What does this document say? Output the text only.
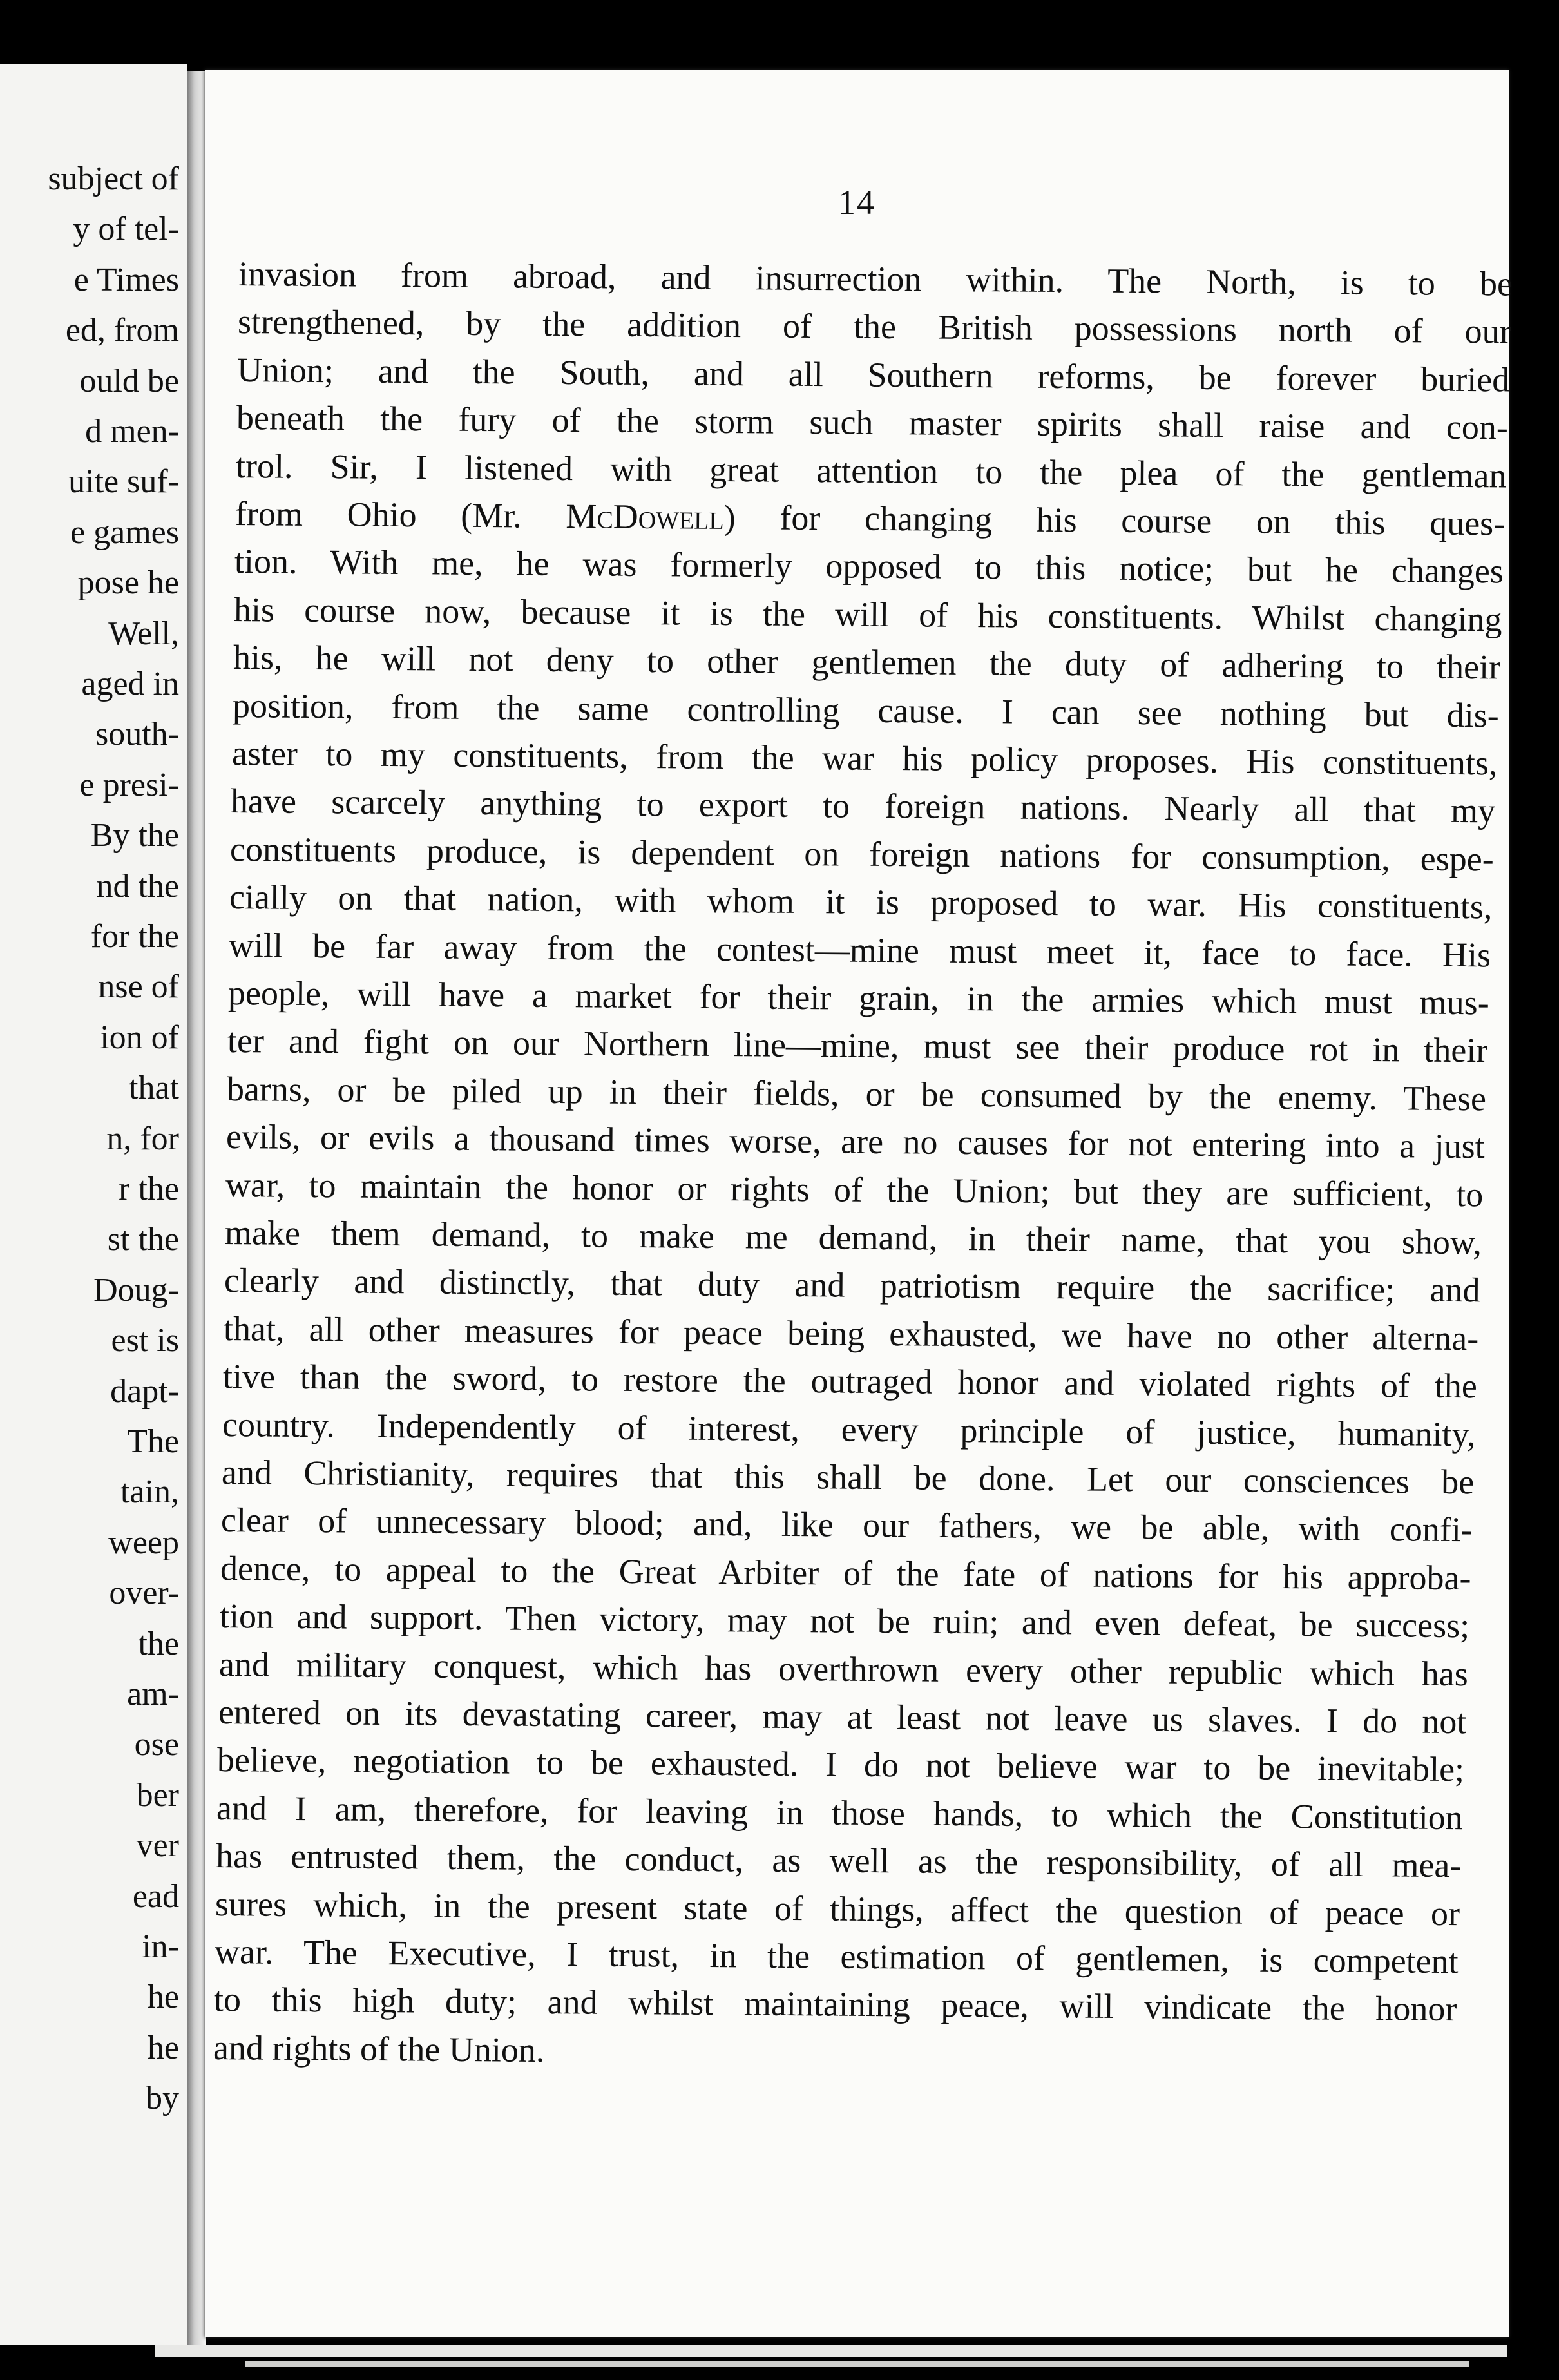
subject of
y of tel-
e Times
ed, from
ould be
d men-
uite suf-
e games
pose he
Well,
aged in
south-
e presi-
By the
nd the
for the
nse of
ion of
that
n, for
r the
st the
Doug-
est is
dapt-
The
tain,
weep
over-
the
am-
ose
ber
ver
ead
in-
he
he
by
14
invasion from abroad, and insurrection within. The North, is to be
strengthened, by the addition of the British possessions north of our
Union; and the South, and all Southern reforms, be forever buried
beneath the fury of the storm such master spirits shall raise and con-
trol. Sir, I listened with great attention to the plea of the gentleman
from Ohio (Mr. McDowell) for changing his course on this ques-
tion. With me, he was formerly opposed to this notice; but he changes
his course now, because it is the will of his constituents. Whilst changing
his, he will not deny to other gentlemen the duty of adhering to their
position, from the same controlling cause. I can see nothing but dis-
aster to my constituents, from the war his policy proposes. His constituents,
have scarcely anything to export to foreign nations. Nearly all that my
constituents produce, is dependent on foreign nations for consumption, espe-
cially on that nation, with whom it is proposed to war. His constituents,
will be far away from the contest—mine must meet it, face to face. His
people, will have a market for their grain, in the armies which must mus-
ter and fight on our Northern line—mine, must see their produce rot in their
barns, or be piled up in their fields, or be consumed by the enemy. These
evils, or evils a thousand times worse, are no causes for not entering into a just
war, to maintain the honor or rights of the Union; but they are sufficient, to
make them demand, to make me demand, in their name, that you show,
clearly and distinctly, that duty and patriotism require the sacrifice; and
that, all other measures for peace being exhausted, we have no other alterna-
tive than the sword, to restore the outraged honor and violated rights of the
country. Independently of interest, every principle of justice, humanity,
and Christianity, requires that this shall be done. Let our consciences be
clear of unnecessary blood; and, like our fathers, we be able, with confi-
dence, to appeal to the Great Arbiter of the fate of nations for his approba-
tion and support. Then victory, may not be ruin; and even defeat, be success;
and military conquest, which has overthrown every other republic which has
entered on its devastating career, may at least not leave us slaves. I do not
believe, negotiation to be exhausted. I do not believe war to be inevitable;
and I am, therefore, for leaving in those hands, to which the Constitution
has entrusted them, the conduct, as well as the responsibility, of all mea-
sures which, in the present state of things, affect the question of peace or
war. The Executive, I trust, in the estimation of gentlemen, is competent
to this high duty; and whilst maintaining peace, will vindicate the honor
and rights of the Union.
